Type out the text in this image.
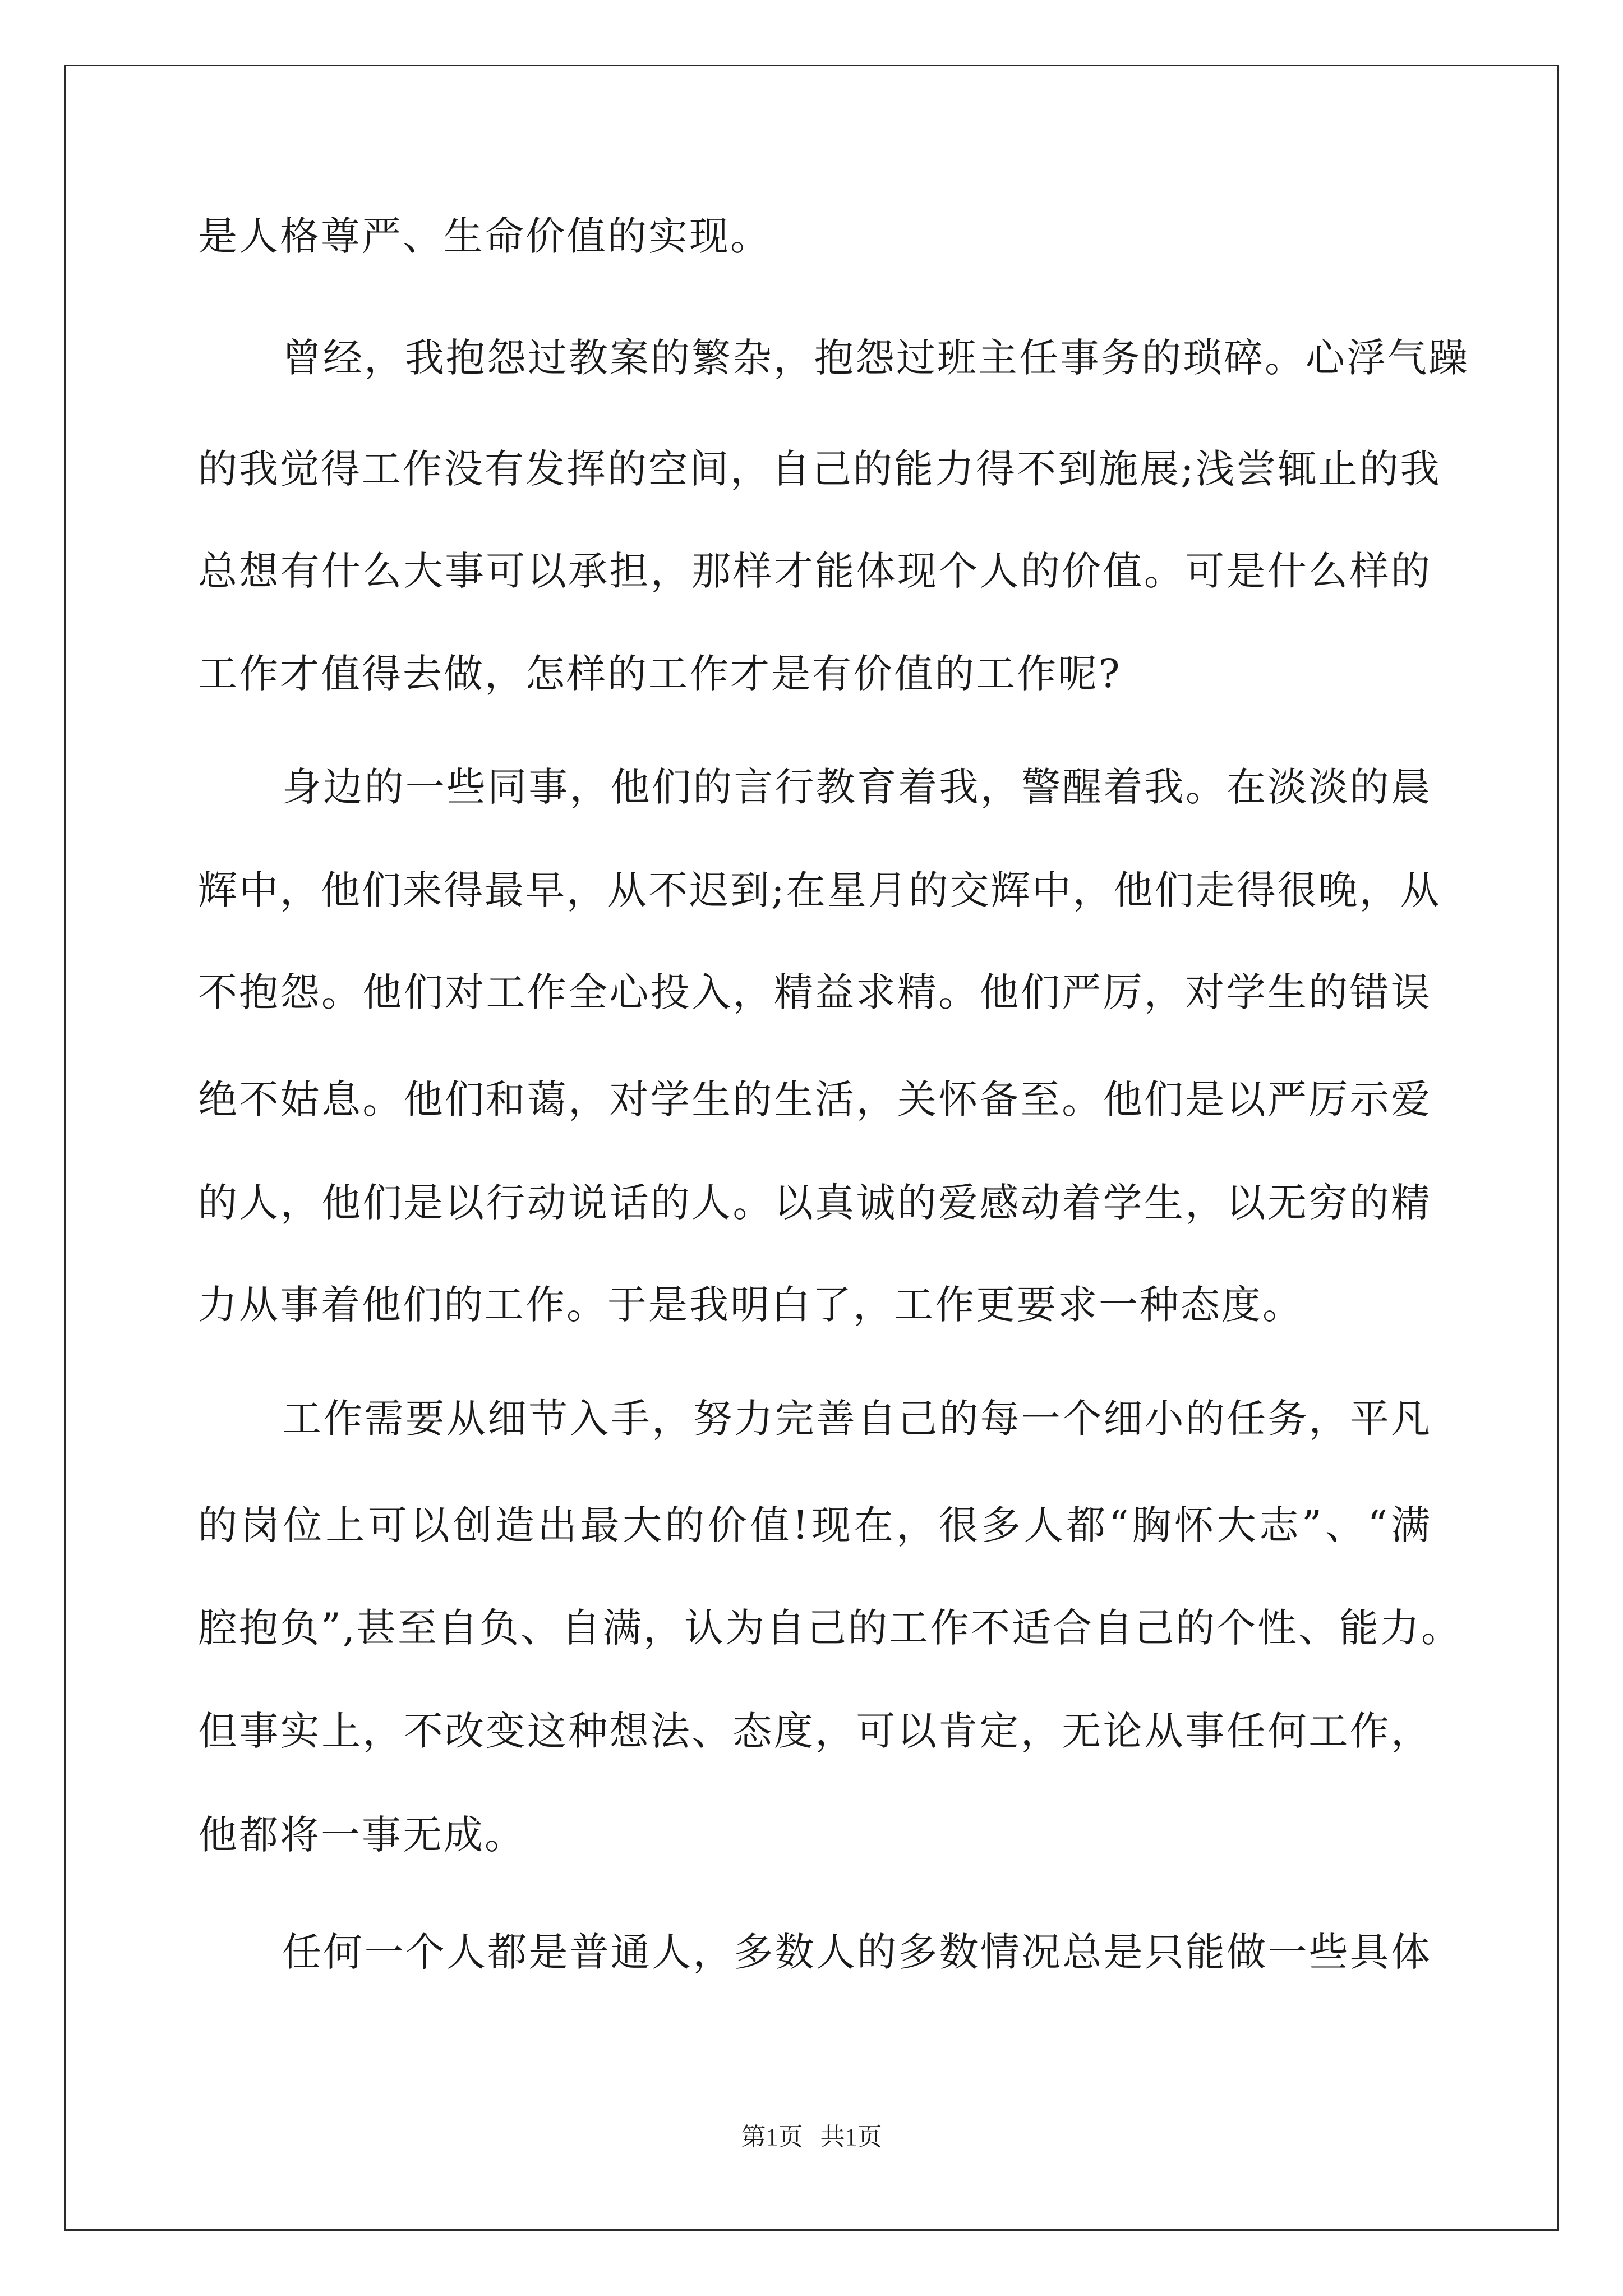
是人格尊严、生命价值的实现。
曾经，我抱怨过教案的繁杂，抱怨过班主任事务的琐碎。心浮气躁
的我觉得工作没有发挥的空间，自己的能力得不到施展;浅尝辄止的我
总想有什么大事可以承担，那样才能体现个人的价值。可是什么样的
工作才值得去做，怎样的工作才是有价值的工作呢?
身边的一些同事，他们的言行教育着我，警醒着我。在淡淡的晨
辉中，他们来得最早，从不迟到;在星月的交辉中，他们走得很晚，从
不抱怨。他们对工作全心投入，精益求精。他们严厉，对学生的错误
绝不姑息。他们和蔼，对学生的生活，关怀备至。他们是以严厉示爱
的人，他们是以行动说话的人。以真诚的爱感动着学生，以无穷的精
力从事着他们的工作。于是我明白了，工作更要求一种态度。
工作需要从细节入手，努力完善自己的每一个细小的任务，平凡
的岗位上可以创造出最大的价值!现在，很多人都“胸怀大志”、“满
腔抱负”,甚至自负、自满，认为自己的工作不适合自己的个性、能力。
但事实上，不改变这种想法、态度，可以肯定，无论从事任何工作，
他都将一事无成。
任何一个人都是普通人，多数人的多数情况总是只能做一些具体
第1页 共1页
